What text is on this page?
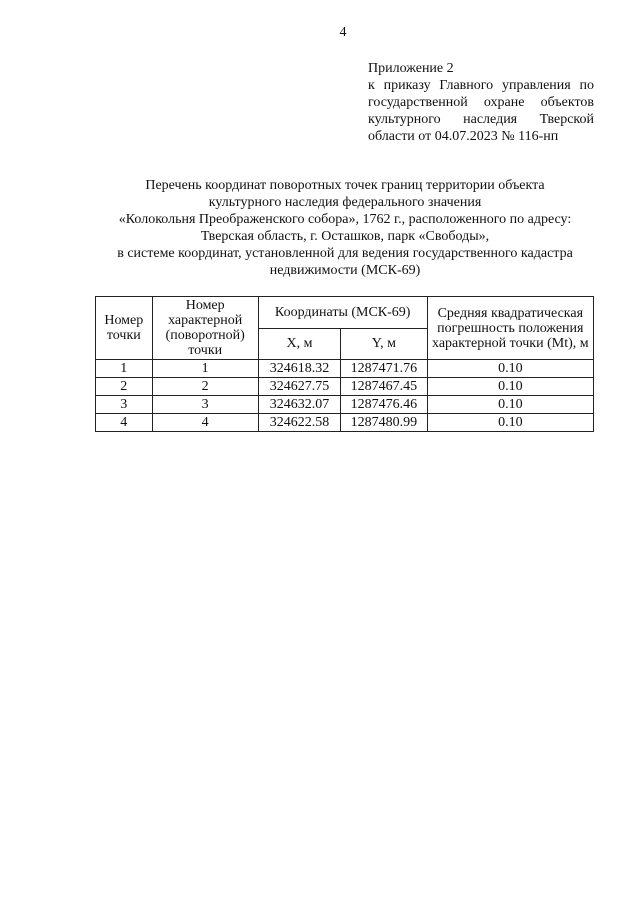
4
Приложение 2
к приказу Главного управления по
государственной охране объектов
культурного наследия Тверской
области от 04.07.2023 № 116-нп
Перечень координат поворотных точек границ территории объекта
культурного наследия федерального значения
«Колокольня Преображенского собора», 1762 г., расположенного по адресу:
Тверская область, г. Осташков, парк «Свободы»,
в системе координат, установленной для ведения государственного кадастра
недвижимости (МСК-69)
Номер точки	Номер характерной (поворотной) точки	Координаты (МСК-69)		Средняя квадратическая погрешность положения характерной точки (Mt), м
		X, м	Y, м	
1	1	324618.32	1287471.76	0.10
2	2	324627.75	1287467.45	0.10
3	3	324632.07	1287476.46	0.10
4	4	324622.58	1287480.99	0.10
